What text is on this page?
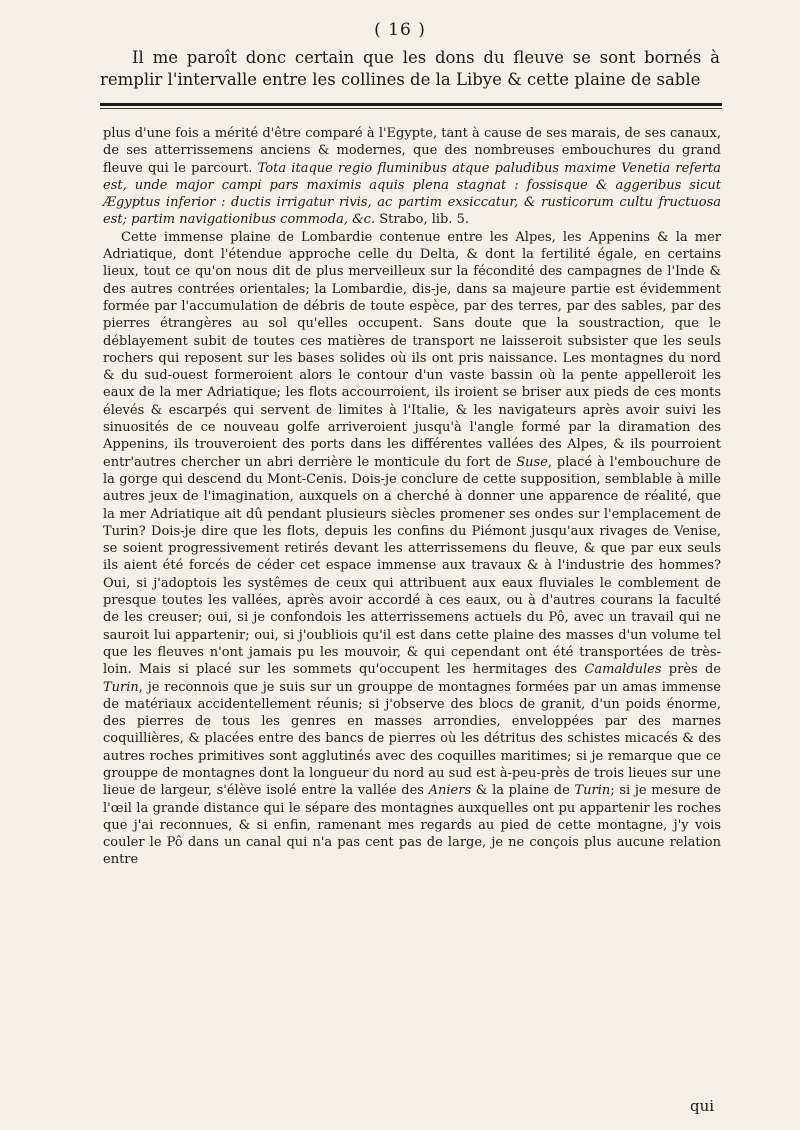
( 16 )

Il me paroît donc certain que les dons du fleuve se sont bornés à remplir l'intervalle entre les collines de la Libye & cette plaine de sable

plus d'une fois a mérité d'être comparé à l'Egypte, tant à cause de ses marais, de ses canaux, de ses atterrissemens anciens & modernes, que des nombreuses embouchures du grand fleuve qui le parcourt. Tota itaque regio fluminibus atque paludibus maxime Venetia referta est, unde major campi pars maximis aquis plena stagnat : fossisque & aggeribus sicut Ægyptus inferior : ductis irrigatur rivis, ac partim exsiccatur, & rusticorum cultu fructuosa est; partim navigationibus commoda, &c. Strabo, lib. 5.

Cette immense plaine de Lombardie contenue entre les Alpes, les Appenins & la mer Adriatique, dont l'étendue approche celle du Delta, & dont la fertilité égale, en certains lieux, tout ce qu'on nous dit de plus merveilleux sur la fécondité des campagnes de l'Inde & des autres contrées orientales; la Lombardie, dis-je, dans sa majeure partie est évidemment formée par l'accumulation de débris de toute espèce, par des terres, par des sables, par des pierres étrangères au sol qu'elles occupent. Sans doute que la soustraction, que le déblayement subit de toutes ces matières de transport ne laisseroit subsister que les seuls rochers qui reposent sur les bases solides où ils ont pris naissance. Les montagnes du nord & du sud-ouest formeroient alors le contour d'un vaste bassin où la pente appelleroit les eaux de la mer Adriatique; les flots accourroient, ils iroient se briser aux pieds de ces monts élevés & escarpés qui servent de limites à l'Italie, & les navigateurs après avoir suivi les sinuosités de ce nouveau golfe arriveroient jusqu'à l'angle formé par la diramation des Appenins, ils trouveroient des ports dans les différentes vallées des Alpes, & ils pourroient entr'autres chercher un abri derrière le monticule du fort de Suse, placé à l'embouchure de la gorge qui descend du Mont-Cenis. Dois-je conclure de cette supposition, semblable à mille autres jeux de l'imagination, auxquels on a cherché à donner une apparence de réalité, que la mer Adriatique ait dû pendant plusieurs siècles promener ses ondes sur l'emplacement de Turin? Dois-je dire que les flots, depuis les confins du Piémont jusqu'aux rivages de Venise, se soient progressivement retirés devant les atterrissemens du fleuve, & que par eux seuls ils aient été forcés de céder cet espace immense aux travaux & à l'industrie des hommes? Oui, si j'adoptois les systêmes de ceux qui attribuent aux eaux fluviales le comblement de presque toutes les vallées, après avoir accordé à ces eaux, ou à d'autres courans la faculté de les creuser; oui, si je confondois les atterrissemens actuels du Pô, avec un travail qui ne sauroit lui appartenir; oui, si j'oubliois qu'il est dans cette plaine des masses d'un volume tel que les fleuves n'ont jamais pu les mouvoir, & qui cependant ont été transportées de très-loin. Mais si placé sur les sommets qu'occupent les hermitages des Camaldules près de Turin, je reconnois que je suis sur un grouppe de montagnes formées par un amas immense de matériaux accidentellement réunis; si j'observe des blocs de granit, d'un poids énorme, des pierres de tous les genres en masses arrondies, enveloppées par des marnes coquillières, & placées entre des bancs de pierres où les détritus des schistes micacés & des autres roches primitives sont agglutinés avec des coquilles maritimes; si je remarque que ce grouppe de montagnes dont la longueur du nord au sud est à-peu-près de trois lieues sur une lieue de largeur, s'élève isolé entre la vallée des Aniers & la plaine de Turin; si je mesure de l'œil la grande distance qui le sépare des montagnes auxquelles ont pu appartenir les roches que j'ai reconnues, & si enfin, ramenant mes regards au pied de cette montagne, j'y vois couler le Pô dans un canal qui n'a pas cent pas de large, je ne conçois plus aucune relation entre

qui
